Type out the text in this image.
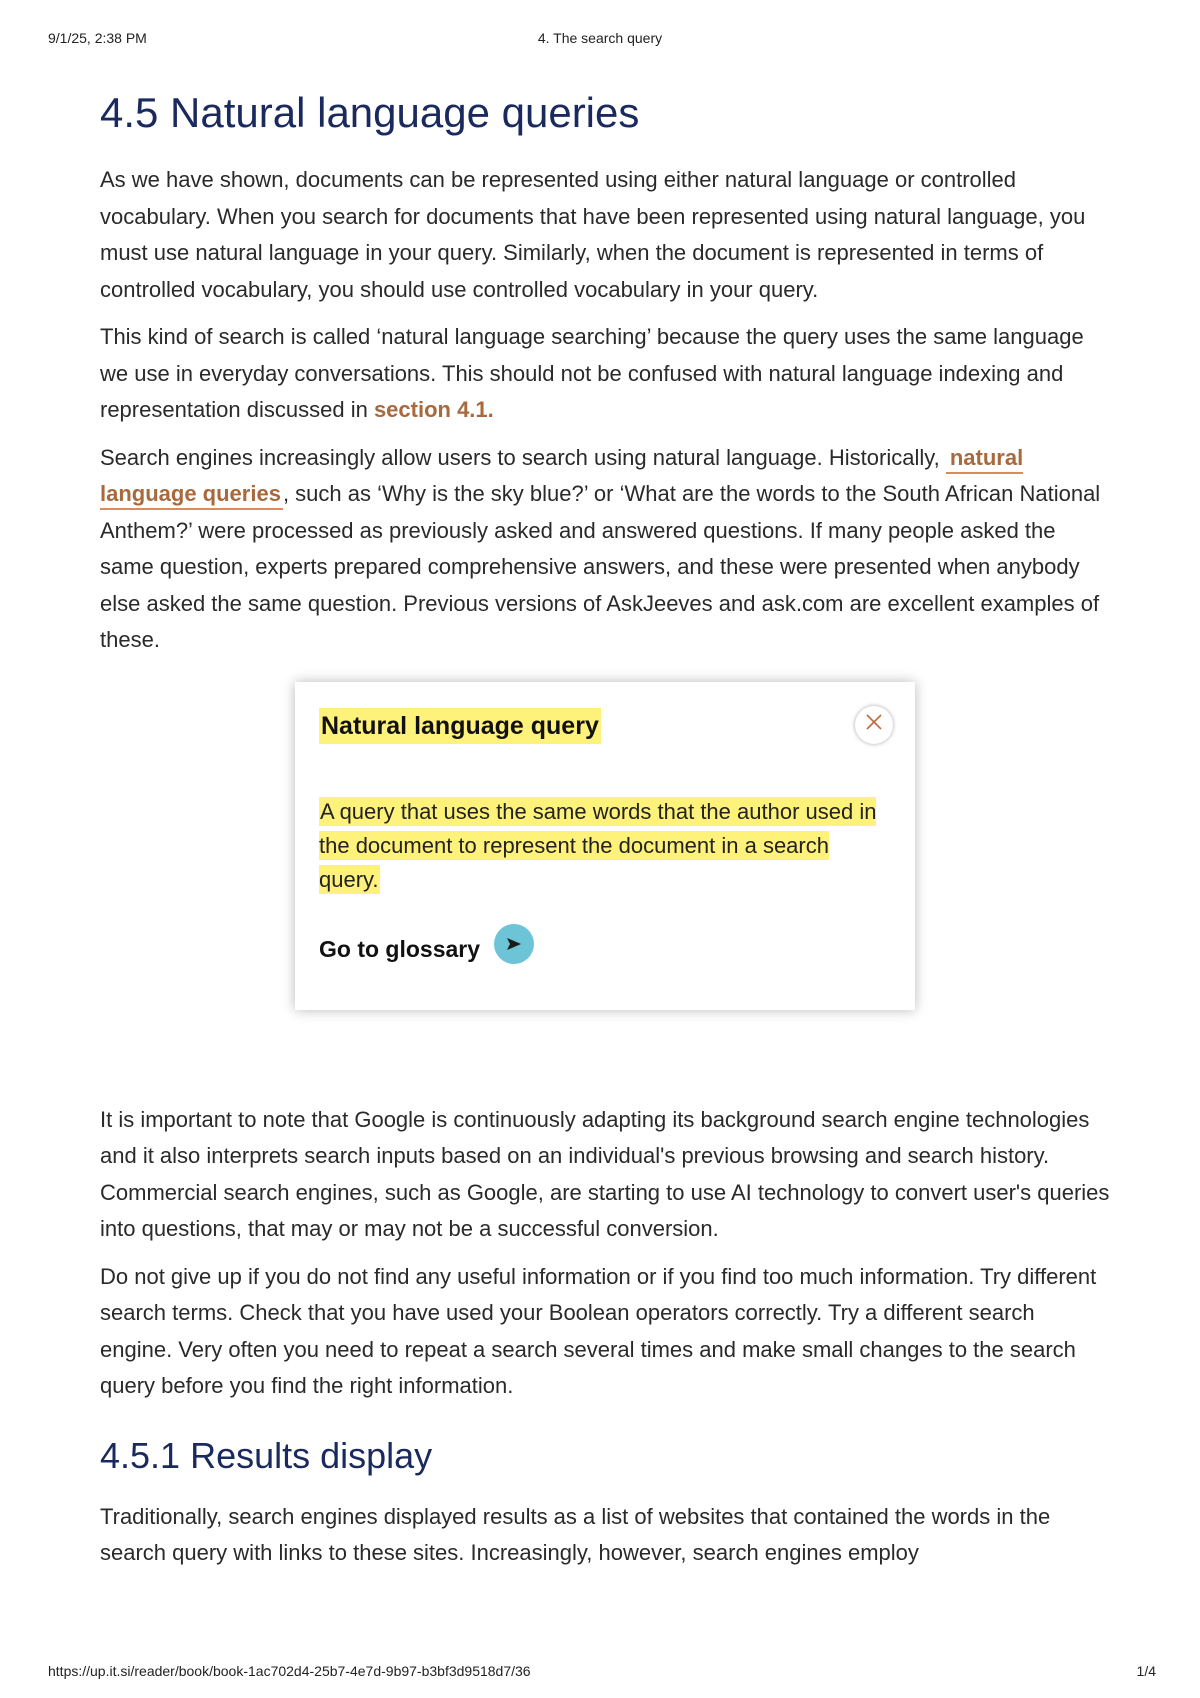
9/1/25, 2:38 PM	4. The search query
4.5 Natural language queries

As we have shown, documents can be represented using either natural language or controlled vocabulary. When you search for documents that have been represented using natural language, you must use natural language in your query. Similarly, when the document is represented in terms of controlled vocabulary, you should use controlled vocabulary in your query.

This kind of search is called ‘natural language searching’ because the query uses the same language we use in everyday conversations. This should not be confused with natural language indexing and representation discussed in section 4.1.

Search engines increasingly allow users to search using natural language. Historically, natural language queries, such as ‘Why is the sky blue?’ or ‘What are the words to the South African National Anthem?’ were processed as previously asked and answered questions. If many people asked the same question, experts prepared comprehensive answers, and these were presented when anybody else asked the same question. Previous versions of AskJeeves and ask.com are excellent examples of these.

Natural language query
A query that uses the same words that the author used in the document to represent the document in a search query.
Go to glossary

It is important to note that Google is continuously adapting its background search engine technologies and it also interprets search inputs based on an individual's previous browsing and search history. Commercial search engines, such as Google, are starting to use AI technology to convert user's queries into questions, that may or may not be a successful conversion.

Do not give up if you do not find any useful information or if you find too much information. Try different search terms. Check that you have used your Boolean operators correctly. Try a different search engine. Very often you need to repeat a search several times and make small changes to the search query before you find the right information.

4.5.1 Results display

Traditionally, search engines displayed results as a list of websites that contained the words in the search query with links to these sites. Increasingly, however, search engines employ

https://up.it.si/reader/book/book-1ac702d4-25b7-4e7d-9b97-b3bf3d9518d7/36	1/4
